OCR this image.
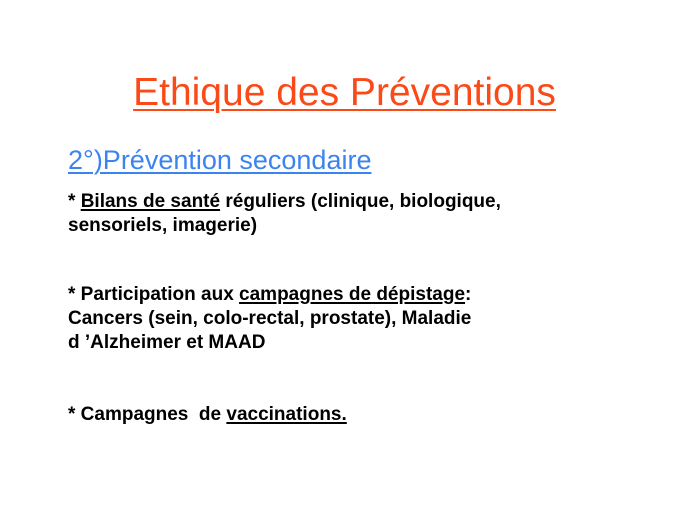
Ethique des Préventions
2°)Prévention secondaire
* Bilans de santé réguliers (clinique, biologique,
sensoriels, imagerie)
* Participation aux campagnes de dépistage:
Cancers (sein, colo-rectal, prostate), Maladie
d ’Alzheimer et MAAD
* Campagnes  de vaccinations.
